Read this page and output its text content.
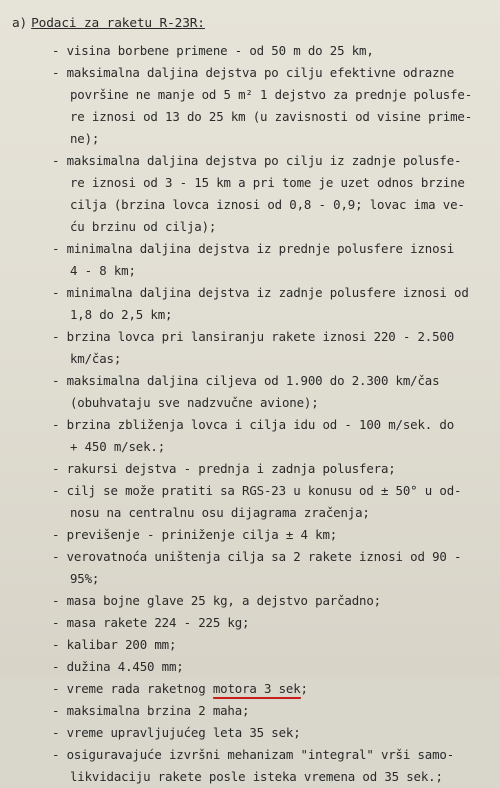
a) Podaci za raketu R-23R:
- visina borbene primene - od 50 m do 25 km,
- maksimalna daljina dejstva po cilju efektivne odrazne
površine ne manje od 5 m² 1 dejstvo za prednje polusfe-
re iznosi od 13 do 25 km (u zavisnosti od visine prime-
ne);
- maksimalna daljina dejstva po cilju iz zadnje polusfe-
re iznosi od 3 - 15 km a pri tome je uzet odnos brzine
cilja (brzina lovca iznosi od 0,8 - 0,9; lovac ima ve-
ću brzinu od cilja);
- minimalna daljina dejstva iz prednje polusfere iznosi
4 - 8 km;
- minimalna daljina dejstva iz zadnje polusfere iznosi od
1,8 do 2,5 km;
- brzina lovca pri lansiranju rakete iznosi 220 - 2.500
km/čas;
- maksimalna daljina ciljeva od 1.900 do 2.300 km/čas
(obuhvataju sve nadzvučne avione);
- brzina zbliženja lovca i cilja idu od - 100 m/sek. do
+ 450 m/sek.;
- rakursi dejstva - prednja i zadnja polusfera;
- cilj se može pratiti sa RGS-23 u konusu od ± 50° u od-
nosu na centralnu osu dijagrama zračenja;
- previšenje - priniženje cilja ± 4 km;
- verovatnoća uništenja cilja sa 2 rakete iznosi od 90 -
95%;
- masa bojne glave 25 kg, a dejstvo parčadno;
- masa rakete 224 - 225 kg;
- kalibar 200 mm;
- dužina 4.450 mm;
- vreme rada raketnog motora 3 sek;
- maksimalna brzina 2 maha;
- vreme upravljujućeg leta 35 sek;
- osiguravajuće izvršni mehanizam "integral" vrši samo-
likvidaciju rakete posle isteka vremena od 35 sek.;
